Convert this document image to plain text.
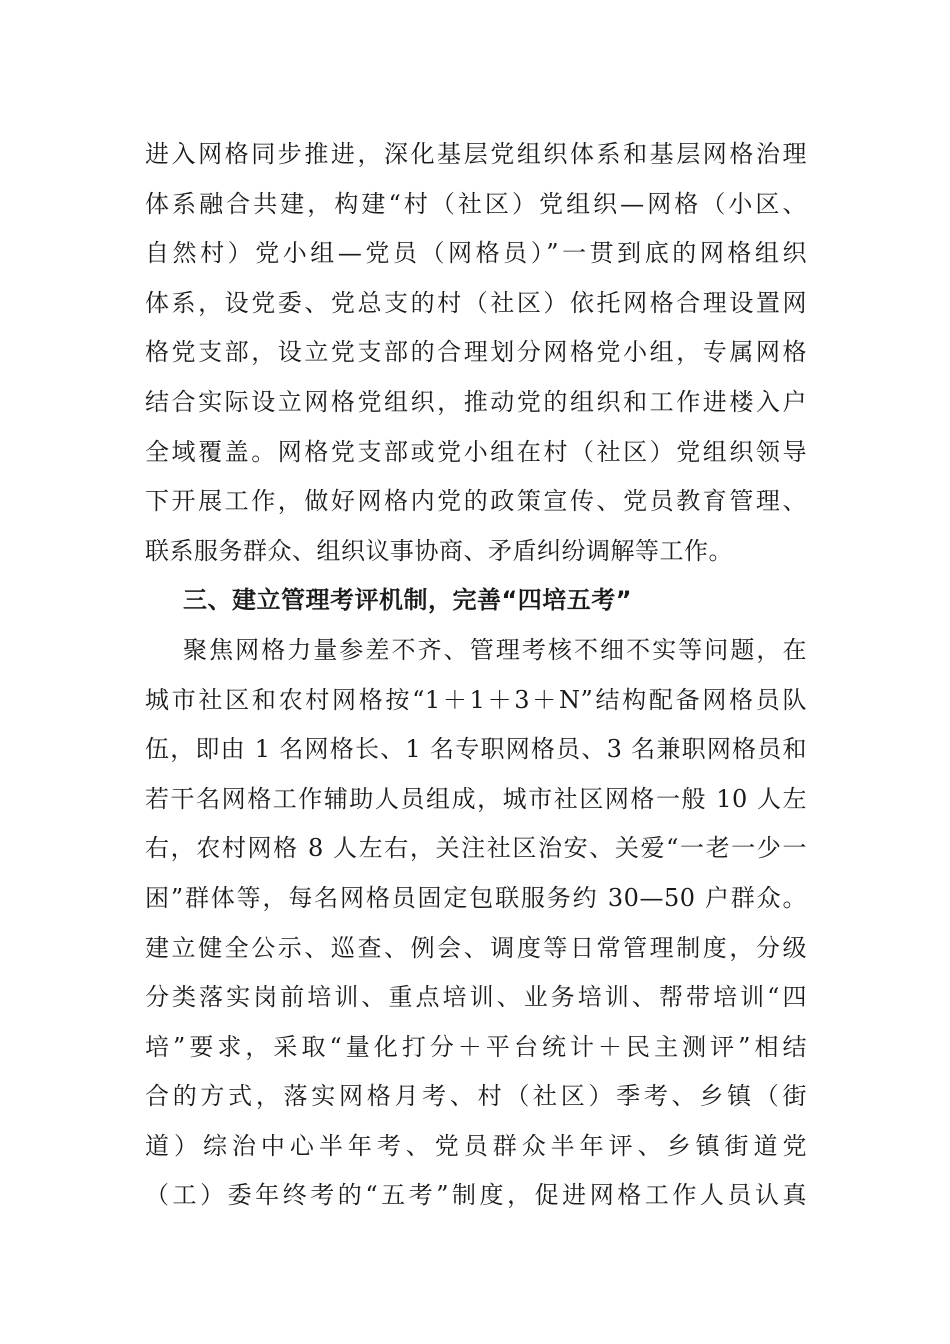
进入网格同步推进，深化基层党组织体系和基层网格治理
体系融合共建，构建“村（社区）党组织—网格（小区、
自然村）党小组—党员（网格员）”一贯到底的网格组织
体系，设党委、党总支的村（社区）依托网格合理设置网
格党支部，设立党支部的合理划分网格党小组，专属网格
结合实际设立网格党组织，推动党的组织和工作进楼入户
全域覆盖。网格党支部或党小组在村（社区）党组织领导
下开展工作，做好网格内党的政策宣传、党员教育管理、
联系服务群众、组织议事协商、矛盾纠纷调解等工作。
三、建立管理考评机制，完善“四培五考”
聚焦网格力量参差不齐、管理考核不细不实等问题，在
城市社区和农村网格按“1＋1＋3＋N”结构配备网格员队
伍，即由 1 名网格长、1 名专职网格员、3 名兼职网格员和
若干名网格工作辅助人员组成，城市社区网格一般 10 人左
右，农村网格 8 人左右，关注社区治安、关爱“一老一少一
困”群体等，每名网格员固定包联服务约 30—50 户群众。
建立健全公示、巡查、例会、调度等日常管理制度，分级
分类落实岗前培训、重点培训、业务培训、帮带培训“四
培”要求，采取“量化打分＋平台统计＋民主测评”相结
合的方式，落实网格月考、村（社区）季考、乡镇（街
道）综治中心半年考、党员群众半年评、乡镇街道党
（工）委年终考的“五考”制度，促进网格工作人员认真
